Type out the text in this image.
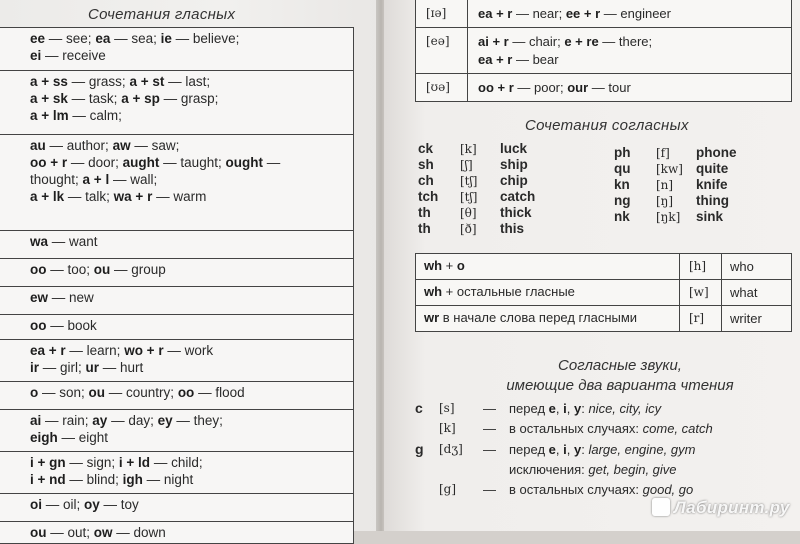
Сочетания гласных
ee — see; ea — sea; ie — believe;
ei — receive
a + ss — grass; a + st — last;
a + sk — task; a + sp — grasp;
a + lm — calm;
au — author; aw — saw;
oo + r — door; aught — taught; ought —
thought; a + l — wall;
a + lk — talk; wa + r — warm
wa — want
oo — too; ou — group
ew — new
oo — book
ea + r — learn; wo + r — work
ir — girl; ur — hurt
o — son; ou — country; oo — flood
ai — rain; ay — day; ey — they;
eigh — eight
i + gn — sign; i + ld — child;
i + nd — blind; igh — night
oi — oil; oy — toy
ou — out; ow — down
[ɪə]	ea + r — near; ee + r — engineer
[eə]	ai + r — chair; e + re — there;
ea + r — bear
[ʊə]	oo + r — poor; our — tour
Сочетания согласных
ck	[k]	luck
sh	[ʃ]	ship
ch	[tʃ]	chip
tch	[tʃ]	catch
th	[θ]	thick
th	[ð]	this
ph	[f]	phone
qu	[kw] quite
kn	[n]	knife
ng	[ŋ]	thing
nk	[ŋk]	sink
wh + o	[h]	who
wh + остальные гласные	[w]	what
wr в начале слова перед гласными	[r]	writer
Согласные звуки,
имеющие два варианта чтения
c [s] — перед e, i, y: nice, city, icy
[k] — в остальных случаях: come, catch
g [dʒ] — перед e, i, y: large, engine, gym
исключения: get, begin, give
[g] — в остальных случаях: good, go
Лабиринт.ру
